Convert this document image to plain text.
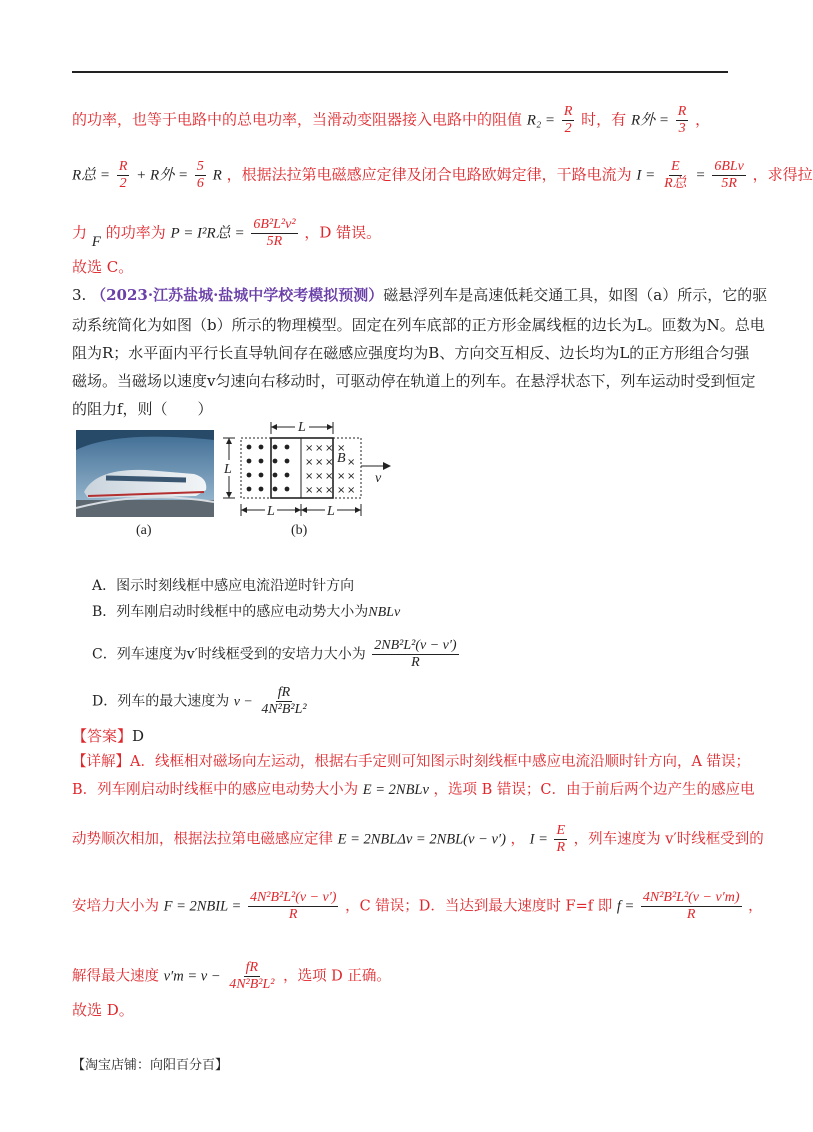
的功率，也等于电路中的总电功率，当滑动变阻器接入电路中的阻值 $R_2 = \frac{R}{2}$ 时，有 R外 = $\frac{R}{3}$ ，
R总 = $\frac{R}{2} + R$外 = $\frac{5}{6}$ R ，根据法拉第电磁感应定律及闭合电路欧姆定律，干路电流为 $I = \frac{E}{\text{R总}} = \frac{\text{6BLv}}{5R}$ ，求得拉
力 F 的功率为 P = I²R总 = $\frac{\text{6B²L²v²}}{5R}$ ，D 错误。
故选 C。
3. （2023·江苏盐城·盐城中学校考模拟预测）磁悬浮列车是高速低耗交通工具，如图（a）所示，它的驱
动系统简化为如图（b）所示的物理模型。固定在列车底部的正方形金属线框的边长为L。匝数为N。总电
阻为R；水平面内平行长直导轨间存在磁感应强度均为B、方向交互相反、边长均为L的正方形组合匀强
磁场。当磁场以速度v匀速向右移动时，可驱动停在轨道上的列车。在悬浮状态下，列车运动时受到恒定
的阻力f，则（　　）
(a)
L
L
× × × ×
× × × ×
× × × × ×
× × × × ×
B
v
L	L
(b)
A．图示时刻线框中感应电流沿逆时针方向
B．列车刚启动时线框中的感应电动势大小为NBLv
C．列车速度为v′时线框受到的安培力大小为 $\frac{\text{2NB²L²(v − v′)}}{R}$
D．列车的最大速度为 $v - \frac{fR}{\text{4N²B²L²}}$
【答案】D
【详解】A．线框相对磁场向左运动，根据右手定则可知图示时刻线框中感应电流沿顺时针方向，A 错误；
B．列车刚启动时线框中的感应电动势大小为 E = 2NBLv ，选项 B 错误；C．由于前后两个边产生的感应电
动势顺次相加，根据法拉第电磁感应定律 E = 2NBLΔv = 2NBL(v − v′) ， $I = \frac{E}{R}$ ，列车速度为 v′时线框受到的
安培力大小为 F = 2NBIL = $\frac{\text{4N²B²L²(v − v′)}}{R}$ ，C 错误；D．当达到最大速度时 F=f 即 $f = \frac{\text{4N²B²L²(v − v′m)}}{R}$ ，
解得最大速度 $v'm = v - \frac{fR}{\text{4N²B²L²}}$ ，选项 D 正确。
故选 D。
【淘宝店铺：向阳百分百】
